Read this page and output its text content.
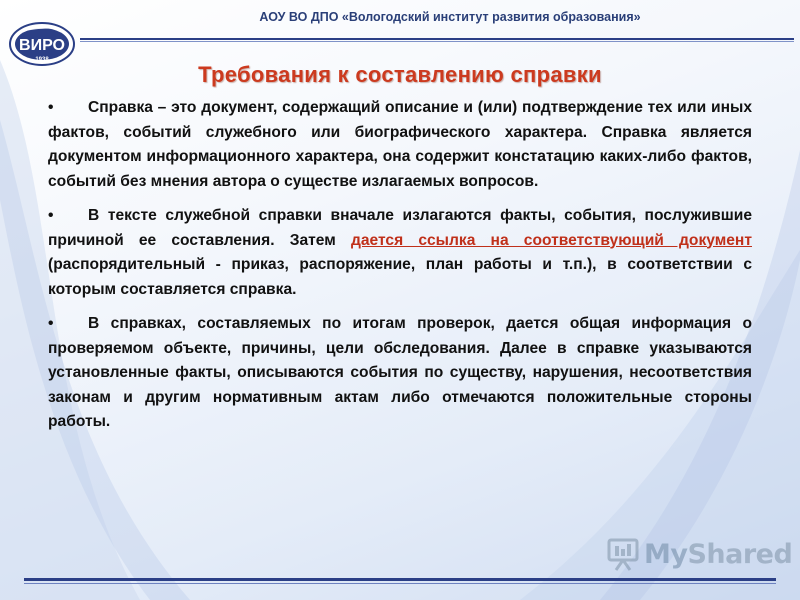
ВИРО
1938
АОУ ВО ДПО «Вологодский институт развития образования»
Требования к составлению справки

• Справка – это документ, содержащий описание и (или) подтверждение тех или иных фактов, событий служебного или биографического характера. Справка является документом информационного характера, она содержит констатацию каких-либо фактов, событий без мнения автора о существе излагаемых вопросов.

• В тексте служебной справки вначале излагаются факты, события, послужившие причиной ее составления. Затем дается ссылка на соответствующий документ (распорядительный - приказ, распоряжение, план работы и т.п.), в соответствии с которым составляется справка.

• В справках, составляемых по итогам проверок, дается общая информация о проверяемом объекте, причины, цели обследования. Далее в справке указываются установленные факты, описываются события по существу, нарушения, несоответствия законам и другим нормативным актам либо отмечаются положительные стороны работы.

MyShared
